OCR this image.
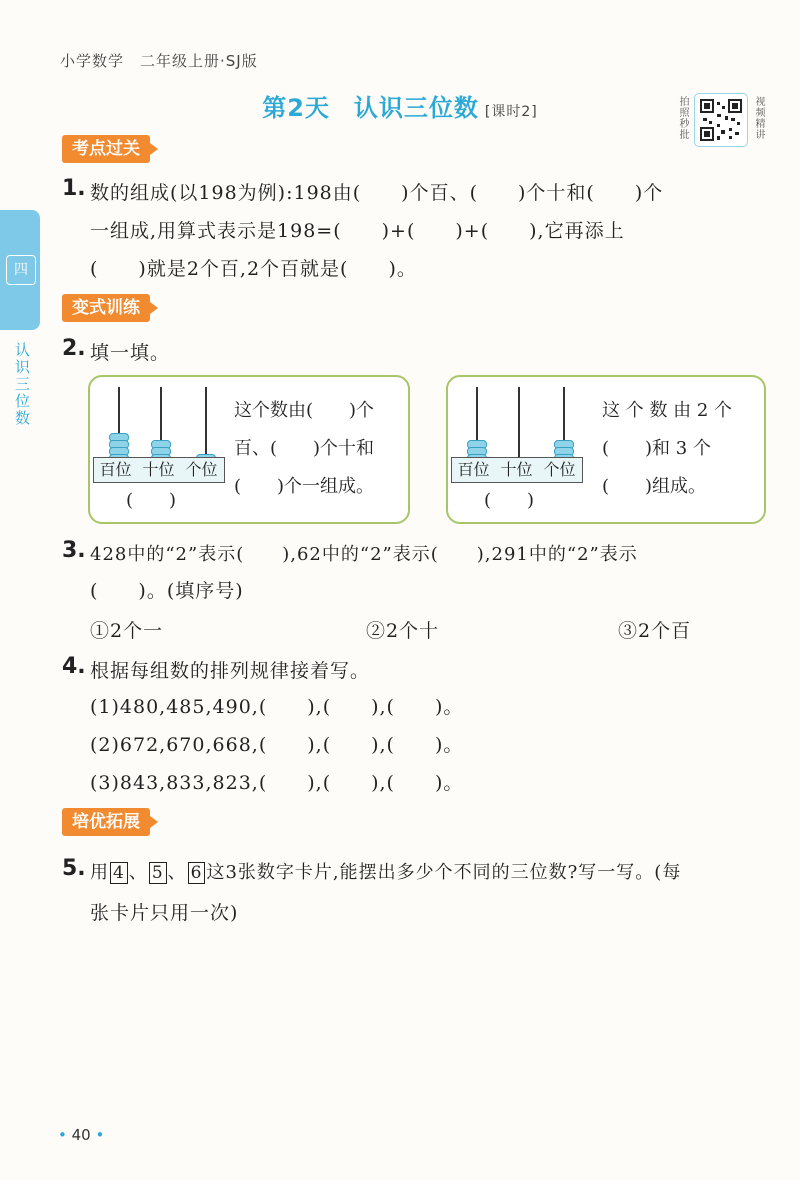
小学数学　二年级上册·SJ版
第2天 认识三位数 [课时2]	拍照秒批	视频精讲
四
认识三位数
考点过关
1. 数的组成(以198为例):198由(　　)个百、(　　)个十和(　　)个
一组成,用算式表示是198=(　　)+(　　)+(　　),它再添上
(　　)就是2个百,2个百就是(　　)。
变式训练
2. 填一填。
百位 十位 个位
(　　)
这个数由(　　)个
百、(　　)个十和
(　　)个一组成。
百位 十位 个位
(　　)
这 个 数 由 2 个
(　　)和 3 个
(　　)组成。
3. 428中的“2”表示(　　),62中的“2”表示(　　),291中的“2”表示
(　　)。(填序号)
①2个一	②2个十	③2个百
4. 根据每组数的排列规律接着写。
(1)480,485,490,(　　),(　　),(　　)。
(2)672,670,668,(　　),(　　),(　　)。
(3)843,833,823,(　　),(　　),(　　)。
培优拓展
5. 用 4 、 5 、 6 这3张数字卡片,能摆出多少个不同的三位数?写一写。(每
张卡片只用一次)
• 40 •
